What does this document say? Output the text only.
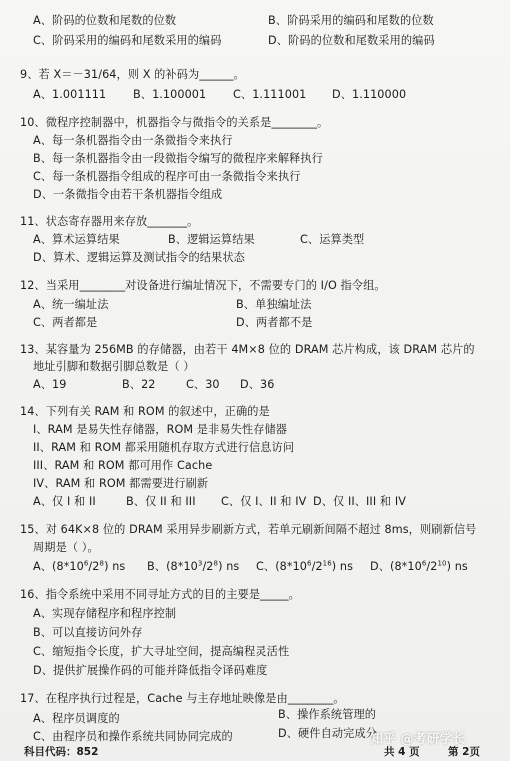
A、阶码的位数和尾数的位数	B、阶码采用的编码和尾数的位数
C、阶码采用的编码和尾数采用的编码	D、阶码的位数和尾数采用的编码
9、若 X＝－31/64，则 X 的补码为______。
A、1.001111 B、1.100001 C、1.111001 D、1.110000
10、微程序控制器中，机器指令与微指令的关系是________。
A、每一条机器指令由一条微指令来执行
B、每一条机器指令由一段微指令编写的微程序来解释执行
C、每一条机器指令组成的程序可由一条微指令来执行
D、一条微指令由若干条机器指令组成
11、状态寄存器用来存放_______。
A、算术运算结果	B、逻辑运算结果	C、运算类型
D、算术、逻辑运算及测试指令的结果状态
12、当采用________对设备进行编址情况下，不需要专门的 I/O 指令组。
A、统一编址法	B、单独编址法
C、两者都是	D、两者都不是
13、某容量为 256MB 的存储器，由若干 4M×8 位的 DRAM 芯片构成，该 DRAM 芯片的
地址引脚和数据引脚总数是（ ）
A、19	B、22	C、30 D、36
14、下列有关 RAM 和 ROM 的叙述中，正确的是
I、RAM 是易失性存储器，ROM 是非易失性存储器
II、RAM 和 ROM 都采用随机存取方式进行信息访问
III、RAM 和 ROM 都可用作 Cache
IV、RAM 和 ROM 都需要进行刷新
A、仅 I 和 II	B、仅 II 和 III C、仅 I、II 和 IV D、仅 II、III 和 IV
15、对 64K×8 位的 DRAM 采用异步刷新方式，若单元刷新间隔不超过 8ms，则刷新信号
周期是（ ）。
A、$(8*10^6/2^8)$ ns B、$(8*10^3/2^8)$ ns C、$(8*10^6/2^{16})$ ns D、$(8*10^6/2^{10})$ ns
16、指令系统中采用不同寻址方式的目的主要是_____。
A、实现存储程序和程序控制
B、可以直接访问外存
C、缩短指令长度，扩大寻址空间，提高编程灵活性
D、提供扩展操作码的可能并降低指令译码难度
17、在程序执行过程是，Cache 与主存地址映像是由________。
A、程序员调度的	B、操作系统管理的
C、由程序员和操作系统共同协同完成的	D、硬件自动完成分
科目代码：852	共 4 页	第 2页
知乎 @考研学长
